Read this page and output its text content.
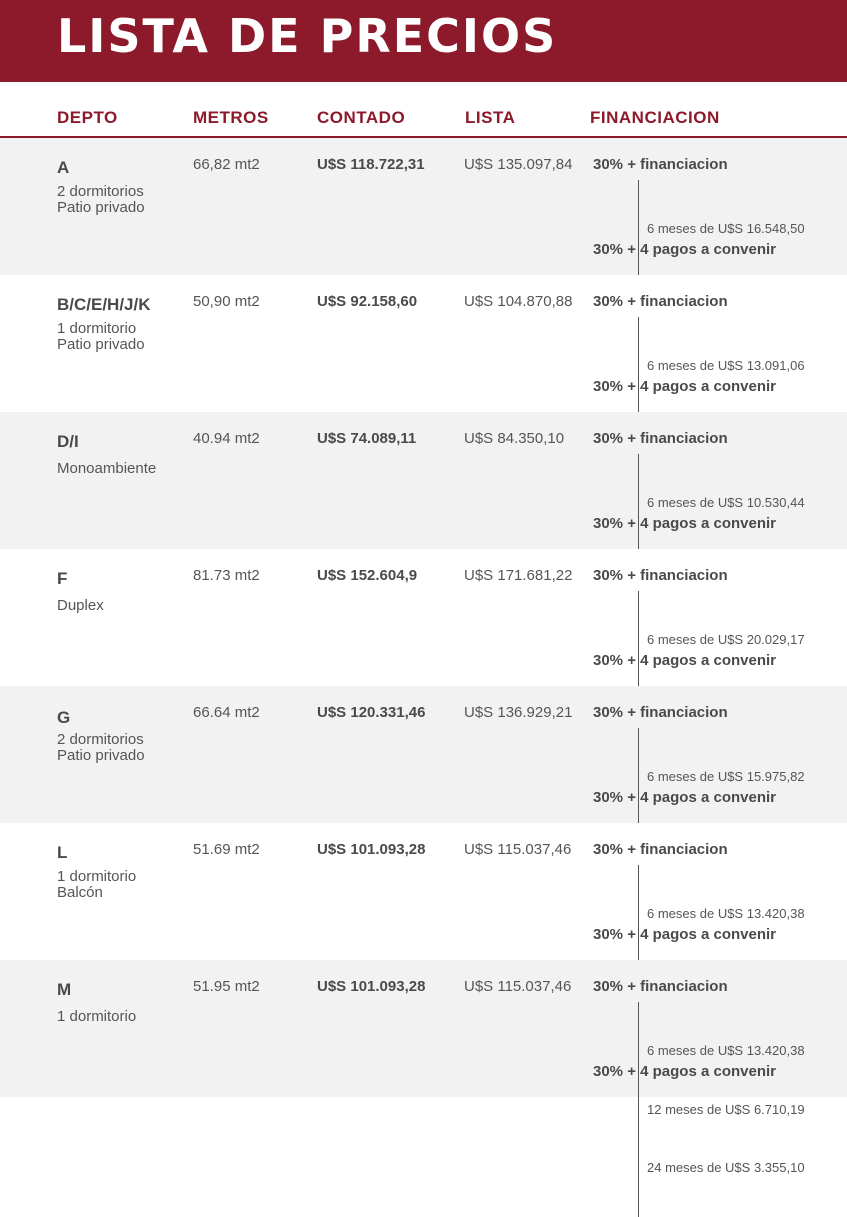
LISTA DE PRECIOS
DEPTO	METROS	CONTADO	LISTA	FINANCIACION
A
2 dormitorios
Patio privado
66,82 mt2	U$S 118.722,31	U$S 135.097,84 30% + financiacion

6 meses de U$S 16.548,50

30% + 4 pagos a convenir
B/C/E/H/J/K
1 dormitorio
Patio privado
50,90 mt2	U$S 92.158,60	U$S 104.870,88 30% + financiacion

6 meses de U$S 13.091,06

30% + 4 pagos a convenir
D/I
Monoambiente
40.94 mt2	U$S 74.089,11	U$S 84.350,10 30% + financiacion

6 meses de U$S 10.530,44

30% + 4 pagos a convenir
F
Duplex
81.73 mt2	U$S 152.604,9	U$S 171.681,22 30% + financiacion

6 meses de U$S 20.029,17

30% + 4 pagos a convenir
G
2 dormitorios
Patio privado
66.64 mt2	U$S 120.331,46	U$S 136.929,21 30% + financiacion

6 meses de U$S 15.975,82

30% + 4 pagos a convenir
L
1 dormitorio
Balcón
51.69 mt2	U$S 101.093,28	U$S 115.037,46 30% + financiacion

6 meses de U$S 13.420,38

30% + 4 pagos a convenir
M
1 dormitorio
51.95 mt2	U$S 101.093,28	U$S 115.037,46 30% + financiacion

6 meses de U$S 13.420,38

12 meses de U$S 6.710,19

24 meses de U$S 3.355,10

30% + 4 pagos a convenir
